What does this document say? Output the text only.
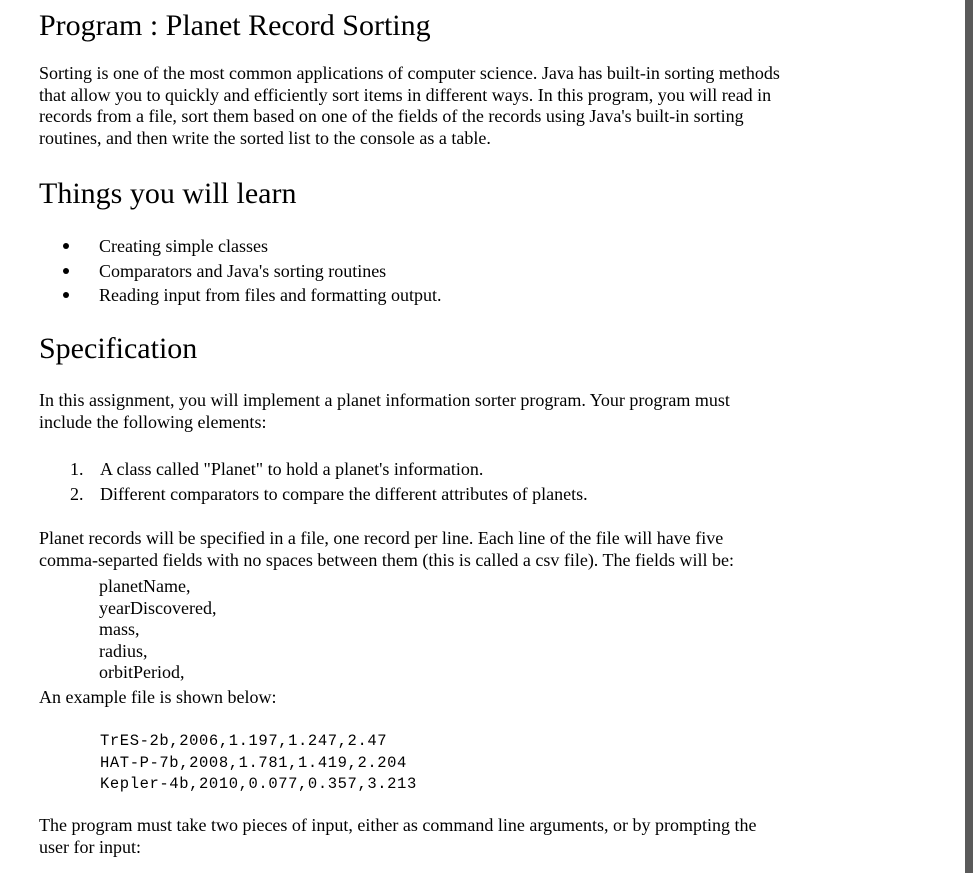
Program : Planet Record Sorting
Sorting is one of the most common applications of computer science. Java has built-in sorting methods
that allow you to quickly and efficiently sort items in different ways. In this program, you will read in
records from a file, sort them based on one of the fields of the records using Java's built-in sorting
routines, and then write the sorted list to the console as a table.
Things you will learn
Creating simple classes
Comparators and Java's sorting routines
Reading input from files and formatting output.
Specification
In this assignment, you will implement a planet information sorter program. Your program must
include the following elements:
1. A class called "Planet" to hold a planet's information.
2. Different comparators to compare the different attributes of planets.
Planet records will be specified in a file, one record per line. Each line of the file will have five
comma-separted fields with no spaces between them (this is called a csv file). The fields will be:
planetName,
yearDiscovered,
mass,
radius,
orbitPeriod,
An example file is shown below:
TrES-2b,2006,1.197,1.247,2.47
HAT-P-7b,2008,1.781,1.419,2.204
Kepler-4b,2010,0.077,0.357,3.213
The program must take two pieces of input, either as command line arguments, or by prompting the
user for input:
